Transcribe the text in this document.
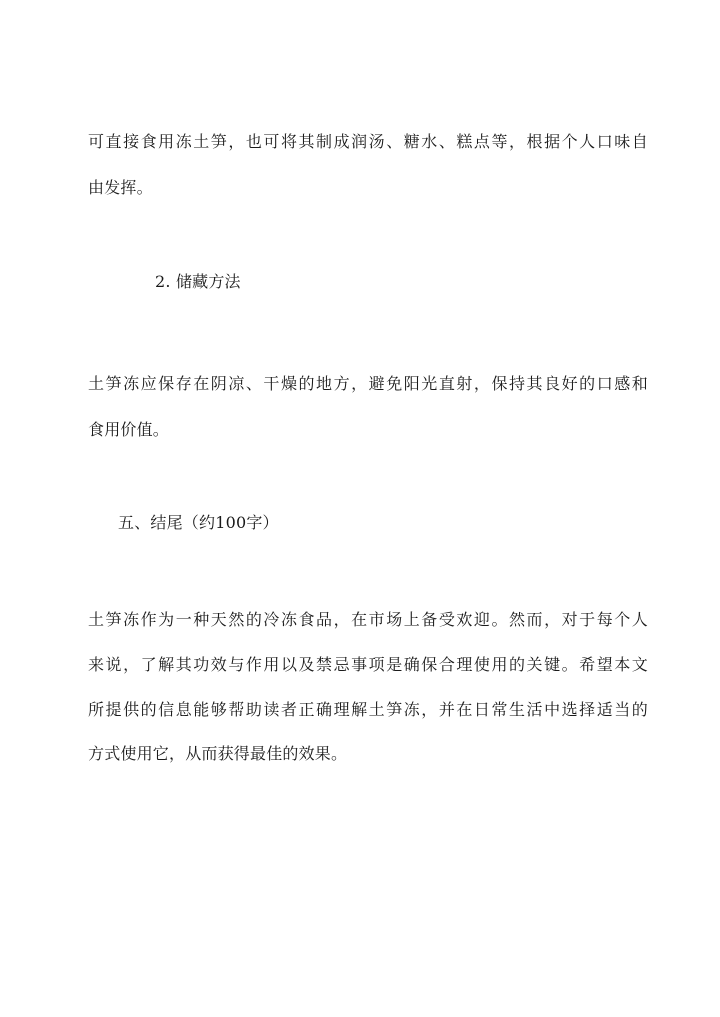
可直接食用冻土笋，也可将其制成润汤、糖水、糕点等，根据个人口味自
由发挥。
2. 储藏方法
土笋冻应保存在阴凉、干燥的地方，避免阳光直射，保持其良好的口感和
食用价值。
五、结尾（约100字）
土笋冻作为一种天然的冷冻食品，在市场上备受欢迎。然而，对于每个人
来说，了解其功效与作用以及禁忌事项是确保合理使用的关键。希望本文
所提供的信息能够帮助读者正确理解土笋冻，并在日常生活中选择适当的
方式使用它，从而获得最佳的效果。
